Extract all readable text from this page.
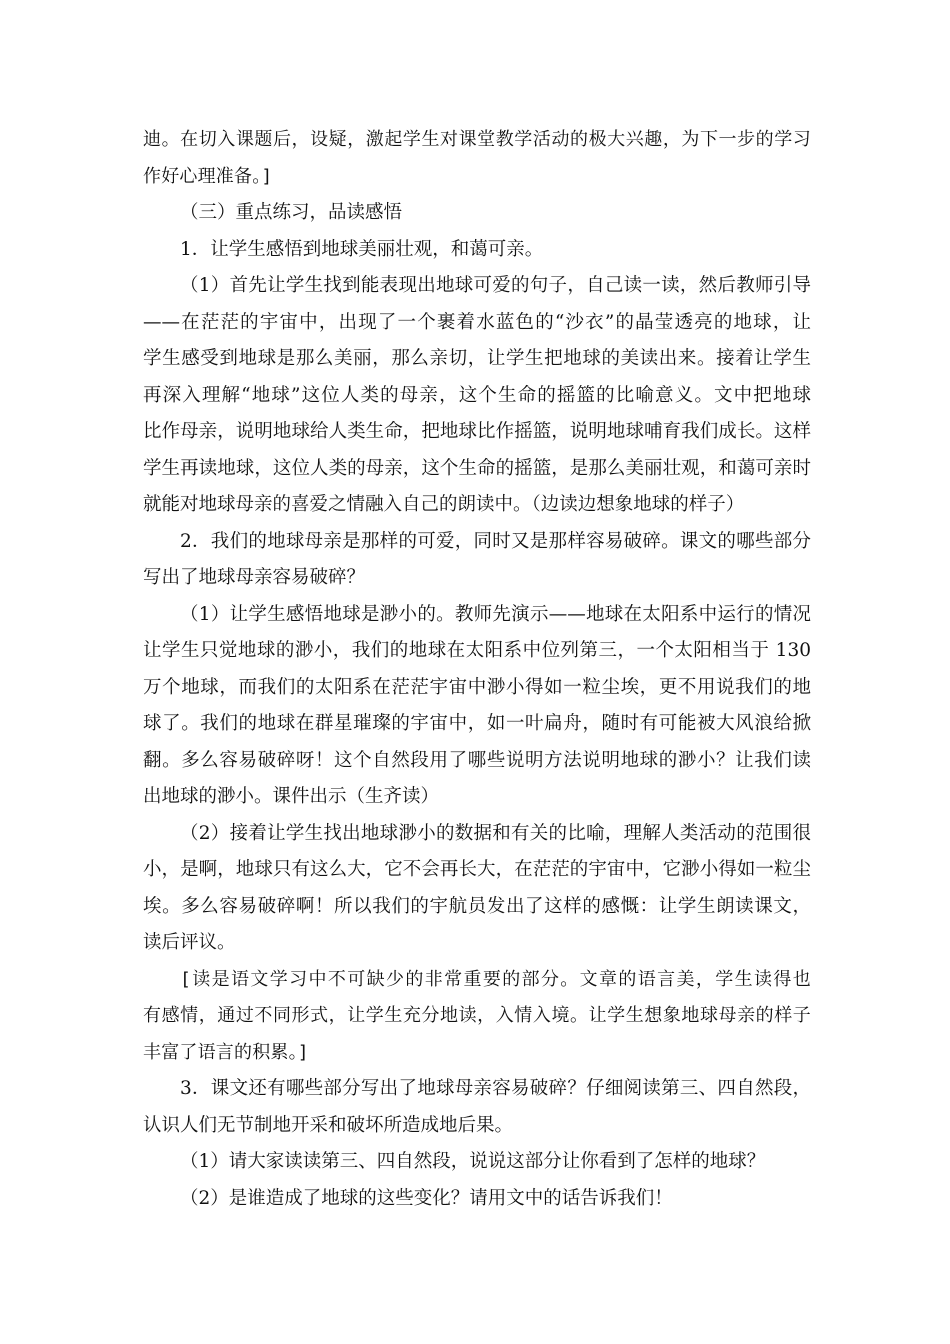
迪。在切入课题后，设疑，激起学生对课堂教学活动的极大兴趣，为下一步的学习
作好心理准备。]
（三）重点练习，品读感悟
1．让学生感悟到地球美丽壮观，和蔼可亲。
（1）首先让学生找到能表现出地球可爱的句子，自己读一读，然后教师引导
——在茫茫的宇宙中，出现了一个裹着水蓝色的“沙衣”的晶莹透亮的地球，让
学生感受到地球是那么美丽，那么亲切，让学生把地球的美读出来。接着让学生
再深入理解“地球”这位人类的母亲，这个生命的摇篮的比喻意义。文中把地球
比作母亲，说明地球给人类生命，把地球比作摇篮，说明地球哺育我们成长。这样
学生再读地球，这位人类的母亲，这个生命的摇篮，是那么美丽壮观，和蔼可亲时
就能对地球母亲的喜爱之情融入自己的朗读中。（边读边想象地球的样子）
2．我们的地球母亲是那样的可爱，同时又是那样容易破碎。课文的哪些部分
写出了地球母亲容易破碎？
（1）让学生感悟地球是渺小的。教师先演示——地球在太阳系中运行的情况
让学生只觉地球的渺小，我们的地球在太阳系中位列第三，一个太阳相当于 130
万个地球，而我们的太阳系在茫茫宇宙中渺小得如一粒尘埃，更不用说我们的地
球了。我们的地球在群星璀璨的宇宙中，如一叶扁舟，随时有可能被大风浪给掀
翻。多么容易破碎呀！这个自然段用了哪些说明方法说明地球的渺小？让我们读
出地球的渺小。课件出示（生齐读）
（2）接着让学生找出地球渺小的数据和有关的比喻，理解人类活动的范围很
小，是啊，地球只有这么大，它不会再长大，在茫茫的宇宙中，它渺小得如一粒尘
埃。多么容易破碎啊！所以我们的宇航员发出了这样的感慨：让学生朗读课文，
读后评议。
[读是语文学习中不可缺少的非常重要的部分。文章的语言美，学生读得也
有感情，通过不同形式，让学生充分地读，入情入境。让学生想象地球母亲的样子
丰富了语言的积累。]
3．课文还有哪些部分写出了地球母亲容易破碎？仔细阅读第三、四自然段，
认识人们无节制地开采和破坏所造成地后果。
（1）请大家读读第三、四自然段，说说这部分让你看到了怎样的地球？
（2）是谁造成了地球的这些变化？请用文中的话告诉我们！
